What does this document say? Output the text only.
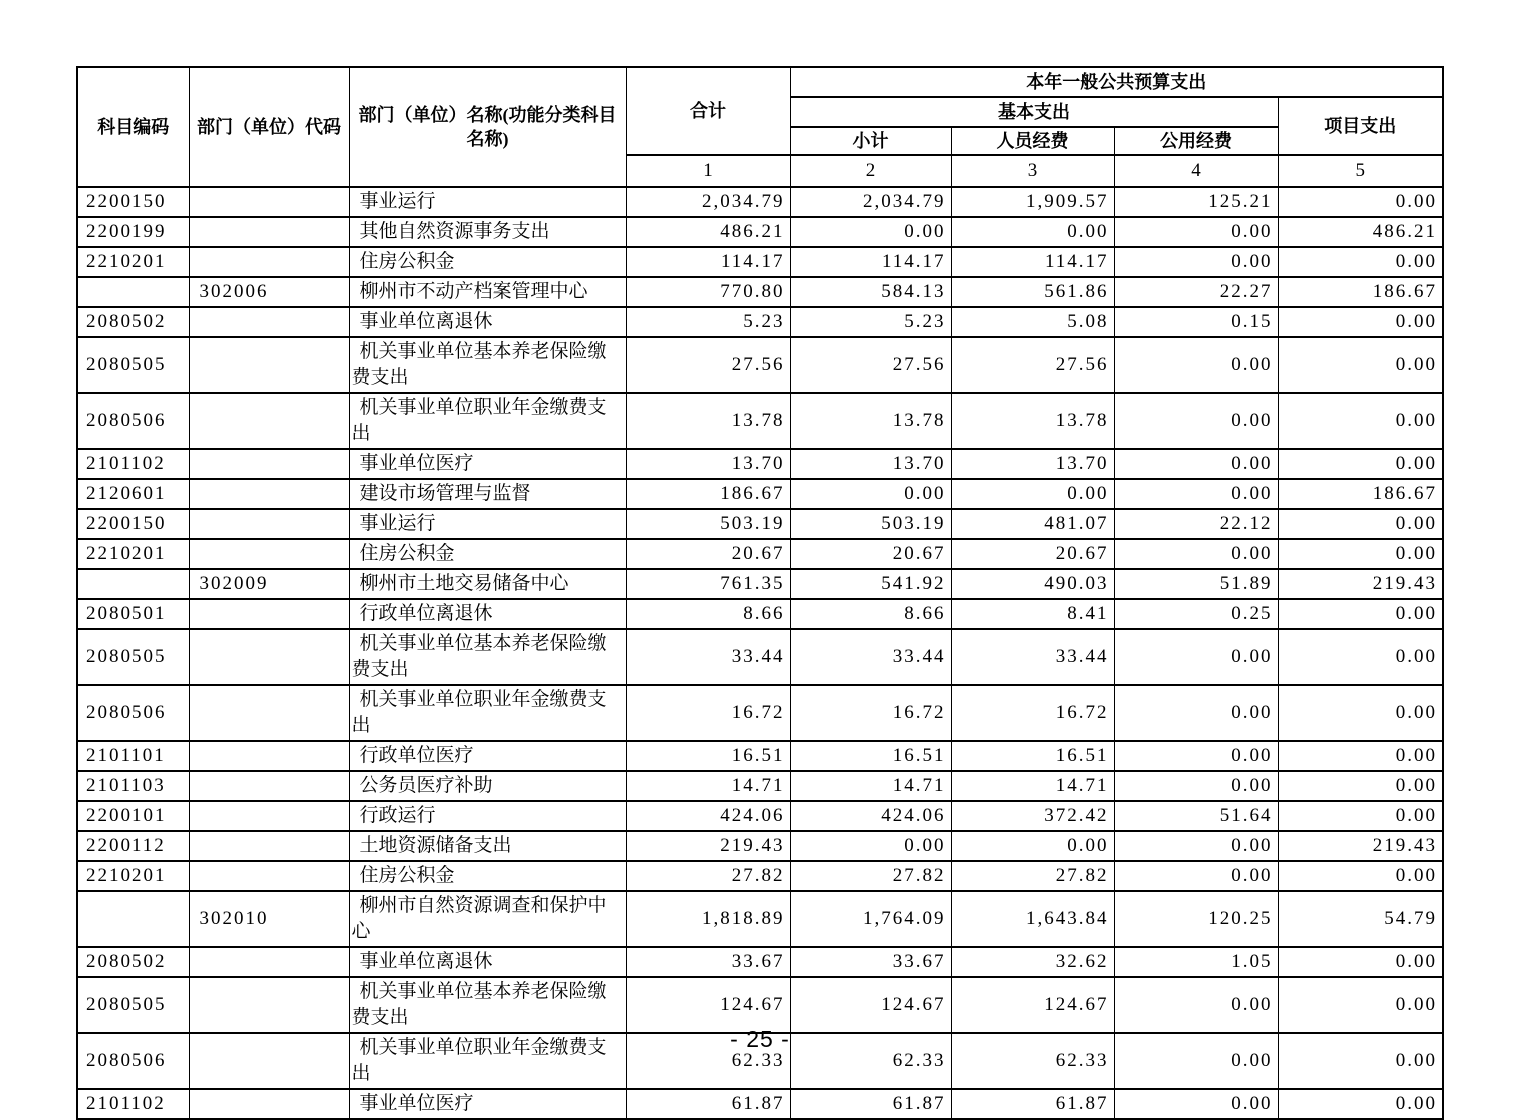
科目编码	部门（单位）代码	部门（单位）名称(功能分类科目名称)	合计	本年一般公共预算支出			
				基本支出			项目支出
				小计	人员经费	公用经费	
			1	2	3	4	5
2200150		事业运行	2,034.79	2,034.79	1,909.57	125.21	0.00
2200199		其他自然资源事务支出	486.21	0.00	0.00	0.00	486.21
2210201		住房公积金	114.17	114.17	114.17	0.00	0.00
	302006	柳州市不动产档案管理中心	770.80	584.13	561.86	22.27	186.67
2080502		事业单位离退休	5.23	5.23	5.08	0.15	0.00
2080505		机关事业单位基本养老保险缴费支出	27.56	27.56	27.56	0.00	0.00
2080506		机关事业单位职业年金缴费支出	13.78	13.78	13.78	0.00	0.00
2101102		事业单位医疗	13.70	13.70	13.70	0.00	0.00
2120601		建设市场管理与监督	186.67	0.00	0.00	0.00	186.67
2200150		事业运行	503.19	503.19	481.07	22.12	0.00
2210201		住房公积金	20.67	20.67	20.67	0.00	0.00
	302009	柳州市土地交易储备中心	761.35	541.92	490.03	51.89	219.43
2080501		行政单位离退休	8.66	8.66	8.41	0.25	0.00
2080505		机关事业单位基本养老保险缴费支出	33.44	33.44	33.44	0.00	0.00
2080506		机关事业单位职业年金缴费支出	16.72	16.72	16.72	0.00	0.00
2101101		行政单位医疗	16.51	16.51	16.51	0.00	0.00
2101103		公务员医疗补助	14.71	14.71	14.71	0.00	0.00
2200101		行政运行	424.06	424.06	372.42	51.64	0.00
2200112		土地资源储备支出	219.43	0.00	0.00	0.00	219.43
2210201		住房公积金	27.82	27.82	27.82	0.00	0.00
	302010	柳州市自然资源调查和保护中心	1,818.89	1,764.09	1,643.84	120.25	54.79
2080502		事业单位离退休	33.67	33.67	32.62	1.05	0.00
2080505		机关事业单位基本养老保险缴费支出	124.67	124.67	124.67	0.00	0.00
2080506		机关事业单位职业年金缴费支出	62.33	62.33	62.33	0.00	0.00
2101102		事业单位医疗	61.87	61.87	61.87	0.00	0.00
- 25 -
